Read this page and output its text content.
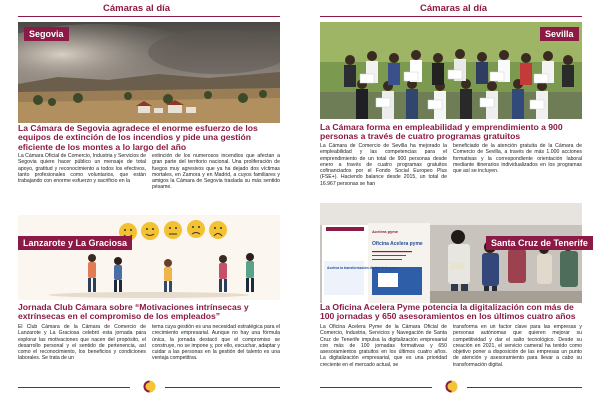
Cámaras al día
Segovia
La Cámara de Segovia agradece el enorme esfuerzo de los equipos de extinción de los incendios y pide una gestión eficiente de los montes a lo largo del año
La Cámara Oficial de Comercio, Industria y Servicios de Segovia quiere hacer público un mensaje de total apoyo, gratitud y reconocimiento a todos los efectivos, tanto profesionales como voluntarios, que están trabajando con enorme esfuerzo y sacrificio en la
extinción de los numerosos incendios que afectan a gran parte del territorio nacional. Una proliferación de fuegos muy agresivos que ya ha dejado dos víctimas mortales, en Zamora y en Madrid, a cuyos familiares y amigos la Cámara de Segovia traslada su más sentido pésame.
Lanzarote y La Graciosa
Jornada Club Cámara sobre “Motivaciones intrínsecas y extrínsecas en el compromiso de los empleados”
El Club Cámara de la Cámara de Comercio de Lanzarote y La Graciosa celebró esta jornada para explorar las motivaciones que nacen del propósito, el desarrollo personal y el sentido de pertenencia, así como el reconocimiento, los beneficios y condiciones laborales. Se trata de un
tema cuya gestión es una necesidad estratégica para el crecimiento empresarial. Aunque no hay una fórmula única, la jornada destacó que el compromiso se construye, no se impone y, por ello, escuchar, adaptar y cuidar a las personas en la gestión del talento es una ventaja competitiva.
Cámaras al día
Sevilla
La Cámara forma en empleabilidad y emprendimiento a 900 personas a través de cuatro programas gratuitos
La Cámara de Comercio de Sevilla ha mejorado la empleabilidad y las competencias para el emprendimiento de un total de 900 personas desde enero a través de cuatro programas gratuitos cofinanciados por el Fondo Social Europeo Plus (FSE+). Haciendo balance desde 2015, un total de 16.967 personas se han
beneficiado de la atención gratuita de la Cámara de Comercio de Sevilla, a través de más 1.000 acciones formativas y la correspondiente orientación laboral mediante itinerarios individualizados en los programas que así se incluyen.
Acelera pyme
Oficina Acelera pyme
Acelera la transformación digital de tu pyme
Santa Cruz de Tenerife
La Oficina Acelera Pyme potencia la digitalización con más de 100 jornadas y 650 asesoramientos en los últimos cuatro años
La Oficina Acelera Pyme de la Cámara Oficial de Comercio, Industria, Servicios y Navegación de Santa Cruz de Tenerife impulsa la digitalización empresarial con más de 100 jornadas formativas y 650 asesoramientos gratuitos en los últimos cuatro años. La digitalización empresarial, que es una prioridad creciente en el mercado actual, se
transforma en un factor clave para las empresas y personas autónomas que quieren mejorar su competitividad y dar el salto tecnológico. Desde su creación en 2021, el servicio cameral ha tenido como objetivo poner a disposición de las empresas un punto de atención y asesoramiento para llevar a cabo su transformación digital.
